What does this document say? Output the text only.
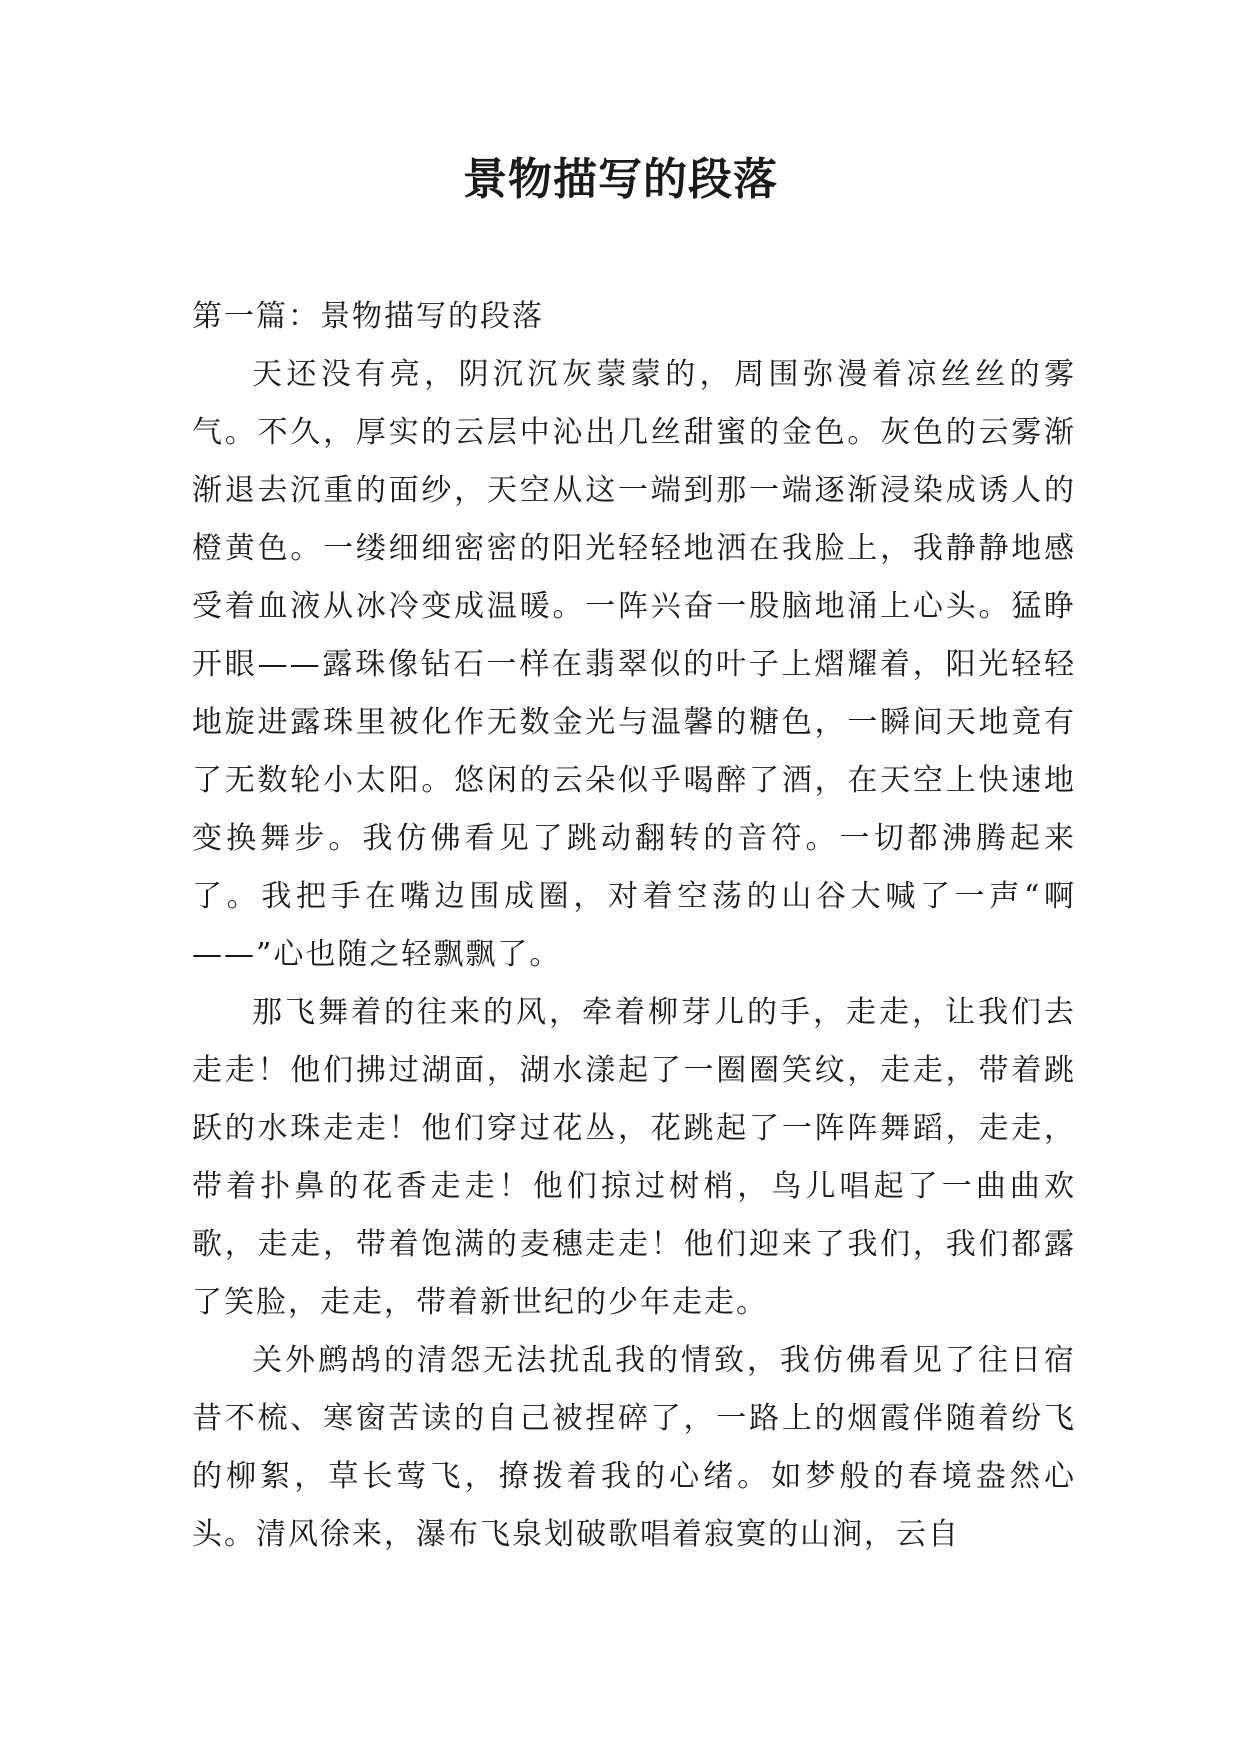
景物描写的段落

第一篇：景物描写的段落

天还没有亮，阴沉沉灰蒙蒙的，周围弥漫着凉丝丝的雾气。不久，厚实的云层中沁出几丝甜蜜的金色。灰色的云雾渐渐退去沉重的面纱，天空从这一端到那一端逐渐浸染成诱人的橙黄色。一缕细细密密的阳光轻轻地洒在我脸上，我静静地感受着血液从冰冷变成温暖。一阵兴奋一股脑地涌上心头。猛睁开眼——露珠像钻石一样在翡翠似的叶子上熠耀着，阳光轻轻地旋进露珠里被化作无数金光与温馨的糖色，一瞬间天地竟有了无数轮小太阳。悠闲的云朵似乎喝醉了酒，在天空上快速地变换舞步。我仿佛看见了跳动翻转的音符。一切都沸腾起来了。我把手在嘴边围成圈，对着空荡的山谷大喊了一声“啊——”心也随之轻飘飘了。

那飞舞着的往来的风，牵着柳芽儿的手，走走，让我们去走走！他们拂过湖面，湖水漾起了一圈圈笑纹，走走，带着跳跃的水珠走走！他们穿过花丛，花跳起了一阵阵舞蹈，走走，带着扑鼻的花香走走！他们掠过树梢，鸟儿唱起了一曲曲欢歌，走走，带着饱满的麦穗走走！他们迎来了我们，我们都露了笑脸，走走，带着新世纪的少年走走。

关外鹧鸪的清怨无法扰乱我的情致，我仿佛看见了往日宿昔不梳、寒窗苦读的自己被捏碎了，一路上的烟霞伴随着纷飞的柳絮，草长莺飞，撩拨着我的心绪。如梦般的春境盎然心头。清风徐来，瀑布飞泉划破歌唱着寂寞的山涧，云自
